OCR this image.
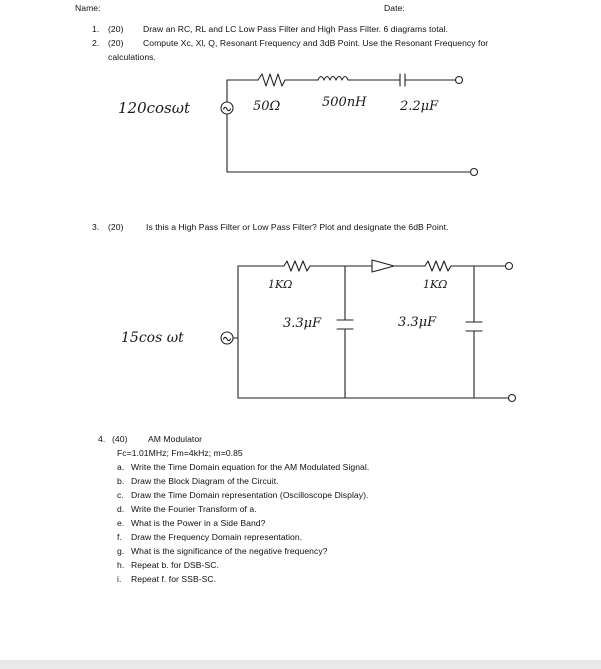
Name:	Date:
1. (20) Draw an RC, RL and LC Low Pass Filter and High Pass Filter. 6 diagrams total.
2. (20) Compute Xc, Xl, Q, Resonant Frequency and 3dB Point. Use the Resonant Frequency for
calculations.
3. (20)	Is this a High Pass Filter or Low Pass Filter? Plot and designate the 6dB Point.
4. (40) AM Modulator
Fc=1.01MHz; Fm=4kHz; m=0.85
a. Write the Time Domain equation for the AM Modulated Signal.
b. Draw the Block Diagram of the Circuit.
c. Draw the Time Domain representation (Oscilloscope Display).
d. Write the Fourier Transform of a.
e. What is the Power in a Side Band?
f. Draw the Frequency Domain representation.
g. What is the significance of the negative frequency?
h. Repeat b. for DSB-SC.
i. Repeat f. for SSB-SC.
120cosωt	50Ω	500nH	2.2μF
15cos ωt
1KΩ
3.3μF
1KΩ
3.3μF
